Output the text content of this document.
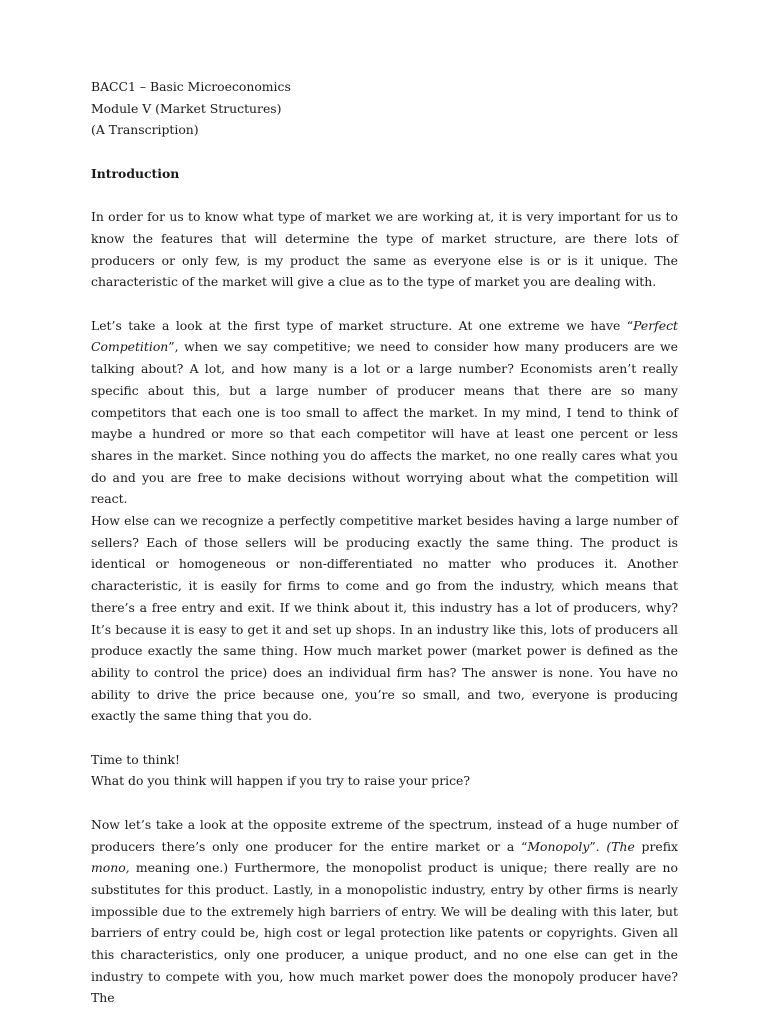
BACC1 – Basic Microeconomics
Module V (Market Structures)
(A Transcription)
Introduction

In order for us to know what type of market we are working at, it is very important for us to know the features that will determine the type of market structure, are there lots of producers or only few, is my product the same as everyone else is or is it unique. The characteristic of the market will give a clue as to the type of market you are dealing with.

Let’s take a look at the first type of market structure. At one extreme we have “Perfect Competition”, when we say competitive; we need to consider how many producers are we talking about? A lot, and how many is a lot or a large number? Economists aren’t really specific about this, but a large number of producer means that there are so many competitors that each one is too small to affect the market. In my mind, I tend to think of maybe a hundred or more so that each competitor will have at least one percent or less shares in the market. Since nothing you do affects the market, no one really cares what you do and you are free to make decisions without worrying about what the competition will react.

How else can we recognize a perfectly competitive market besides having a large number of sellers? Each of those sellers will be producing exactly the same thing. The product is identical or homogeneous or non-differentiated no matter who produces it. Another characteristic, it is easily for firms to come and go from the industry, which means that there’s a free entry and exit. If we think about it, this industry has a lot of producers, why? It’s because it is easy to get it and set up shops. In an industry like this, lots of producers all produce exactly the same thing. How much market power (market power is defined as the ability to control the price) does an individual firm has? The answer is none. You have no ability to drive the price because one, you’re so small, and two, everyone is producing exactly the same thing that you do.

Time to think!
What do you think will happen if you try to raise your price?

Now let’s take a look at the opposite extreme of the spectrum, instead of a huge number of producers there’s only one producer for the entire market or a “Monopoly”. (The prefix mono, meaning one.) Furthermore, the monopolist product is unique; there really are no substitutes for this product. Lastly, in a monopolistic industry, entry by other firms is nearly impossible due to the extremely high barriers of entry. We will be dealing with this later, but barriers of entry could be, high cost or legal protection like patents or copyrights. Given all this characteristics, only one producer, a unique product, and no one else can get in the industry to compete with you, how much market power does the monopoly producer have? The
